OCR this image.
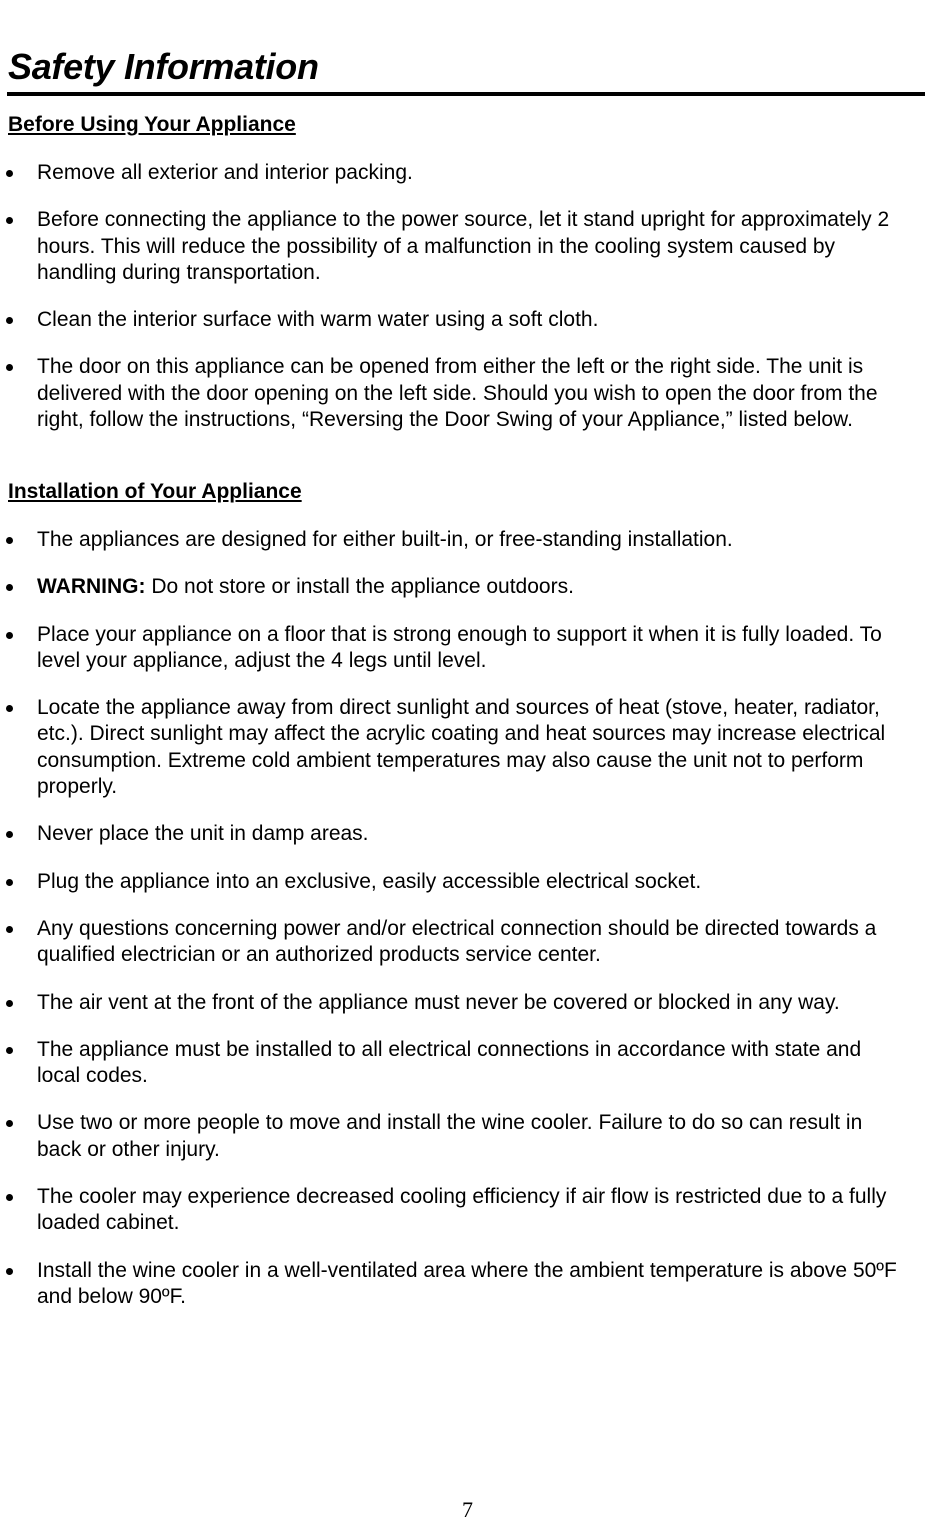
Safety Information
Before Using Your Appliance
Remove all exterior and interior packing.
Before connecting the appliance to the power source, let it stand upright for approximately 2 hours. This will reduce the possibility of a malfunction in the cooling system caused by handling during transportation.
Clean the interior surface with warm water using a soft cloth.
The door on this appliance can be opened from either the left or the right side. The unit is delivered with the door opening on the left side. Should you wish to open the door from the right, follow the instructions, “Reversing the Door Swing of your Appliance,” listed below.
Installation of Your Appliance
The appliances are designed for either built-in, or free-standing installation.
WARNING: Do not store or install the appliance outdoors.
Place your appliance on a floor that is strong enough to support it when it is fully loaded. To level your appliance, adjust the 4 legs until level.
Locate the appliance away from direct sunlight and sources of heat (stove, heater, radiator, etc.). Direct sunlight may affect the acrylic coating and heat sources may increase electrical consumption. Extreme cold ambient temperatures may also cause the unit not to perform properly.
Never place the unit in damp areas.
Plug the appliance into an exclusive, easily accessible electrical socket.
Any questions concerning power and/or electrical connection should be directed towards a qualified electrician or an authorized products service center.
The air vent at the front of the appliance must never be covered or blocked in any way.
The appliance must be installed to all electrical connections in accordance with state and local codes.
Use two or more people to move and install the wine cooler. Failure to do so can result in back or other injury.
The cooler may experience decreased cooling efficiency if air flow is restricted due to a fully loaded cabinet.
Install the wine cooler in a well-ventilated area where the ambient temperature is above 50ºF and below 90ºF.
7
